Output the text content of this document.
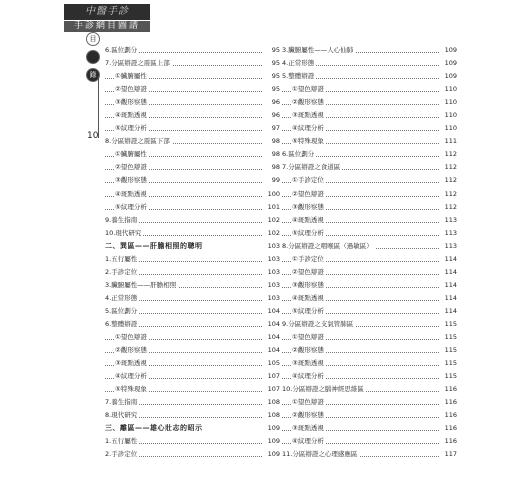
中醫手診
手診網目圖譜
目
錄
10
6.區位劃分	95
7.分區辯證之震區上部	95
①臟腑屬性	95
②望色辯證	95
③觀形察態	96
④斑點透視	96
⑤紋理分析	97
8.分區辯證之震區下部	98
①臟腑屬性	98
②望色辯證	98
③觀形察態	99
④斑點透視	100
⑤紋理分析	101
9.養生指南	102
10.現代研究	102
二、巽區——肝膽相照的聰明	103
1.五行屬性	103
2.手診定位	103
3.臟腑屬性——肝膽相照	103
4.正常形態	103
5.區位劃分	104
6.整體辯證	104
①望色辯證	104
②觀形察態	104
③斑點透視	105
④紋理分析	107
⑤特殊現象	107
7.養生指南	108
8.現代研究	108
三、離區——雄心壯志的昭示	109
1.五行屬性	109
2.手診定位	109
3.臟腑屬性——人心仙肺	109
4.正常形態	109
5.整體辯證	109
①望色辯證	110
②觀形察態	110
③斑點透視	110
④紋理分析	110
⑤特殊現象	111
6.區位劃分	112
7.分區辯證之食道區	112
①手診定位	112
②望色辯證	112
③觀形察態	112
④斑點透視	113
⑤紋理分析	113
8.分區辯證之咽喉區（過敏區）	113
①手診定位	114
②望色辯證	114
③觀形察態	114
④斑點透視	114
⑤紋理分析	114
9.分區辯證之支氣管肺區	115
①望色辯證	115
②觀形察態	115
③斑點透視	115
④紋理分析	115
10.分區辯證之腦神經思維區	116
①望色辯證	116
②觀形察態	116
③斑點透視	116
④紋理分析	116
11.分區辯證之心理感應區	117
